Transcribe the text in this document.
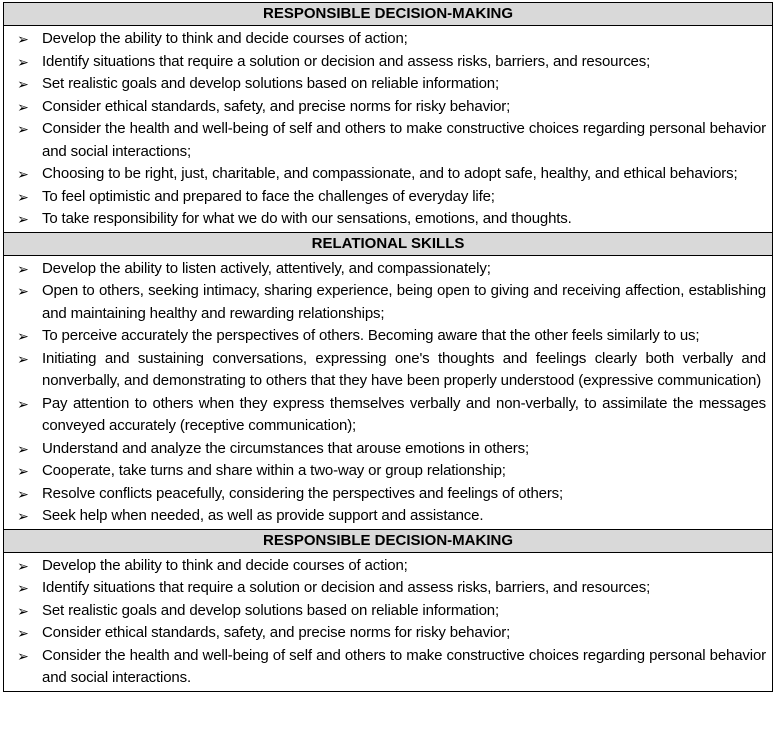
RESPONSIBLE DECISION-MAKING
➢ Develop the ability to think and decide courses of action;
➢ Identify situations that require a solution or decision and assess risks, barriers, and resources;
➢ Set realistic goals and develop solutions based on reliable information;
➢ Consider ethical standards, safety, and precise norms for risky behavior;
➢ Consider the health and well-being of self and others to make constructive choices regarding personal behavior and social interactions;
➢ Choosing to be right, just, charitable, and compassionate, and to adopt safe, healthy, and ethical behaviors;
➢ To feel optimistic and prepared to face the challenges of everyday life;
➢ To take responsibility for what we do with our sensations, emotions, and thoughts.
RELATIONAL SKILLS
➢ Develop the ability to listen actively, attentively, and compassionately;
➢ Open to others, seeking intimacy, sharing experience, being open to giving and receiving affection, establishing and maintaining healthy and rewarding relationships;
➢ To perceive accurately the perspectives of others. Becoming aware that the other feels similarly to us;
➢ Initiating and sustaining conversations, expressing one's thoughts and feelings clearly both verbally and nonverbally, and demonstrating to others that they have been properly understood (expressive communication)
➢ Pay attention to others when they express themselves verbally and non-verbally, to assimilate the messages conveyed accurately (receptive communication);
➢ Understand and analyze the circumstances that arouse emotions in others;
➢ Cooperate, take turns and share within a two-way or group relationship;
➢ Resolve conflicts peacefully, considering the perspectives and feelings of others;
➢ Seek help when needed, as well as provide support and assistance.
RESPONSIBLE DECISION-MAKING
➢ Develop the ability to think and decide courses of action;
➢ Identify situations that require a solution or decision and assess risks, barriers, and resources;
➢ Set realistic goals and develop solutions based on reliable information;
➢ Consider ethical standards, safety, and precise norms for risky behavior;
➢ Consider the health and well-being of self and others to make constructive choices regarding personal behavior and social interactions.
